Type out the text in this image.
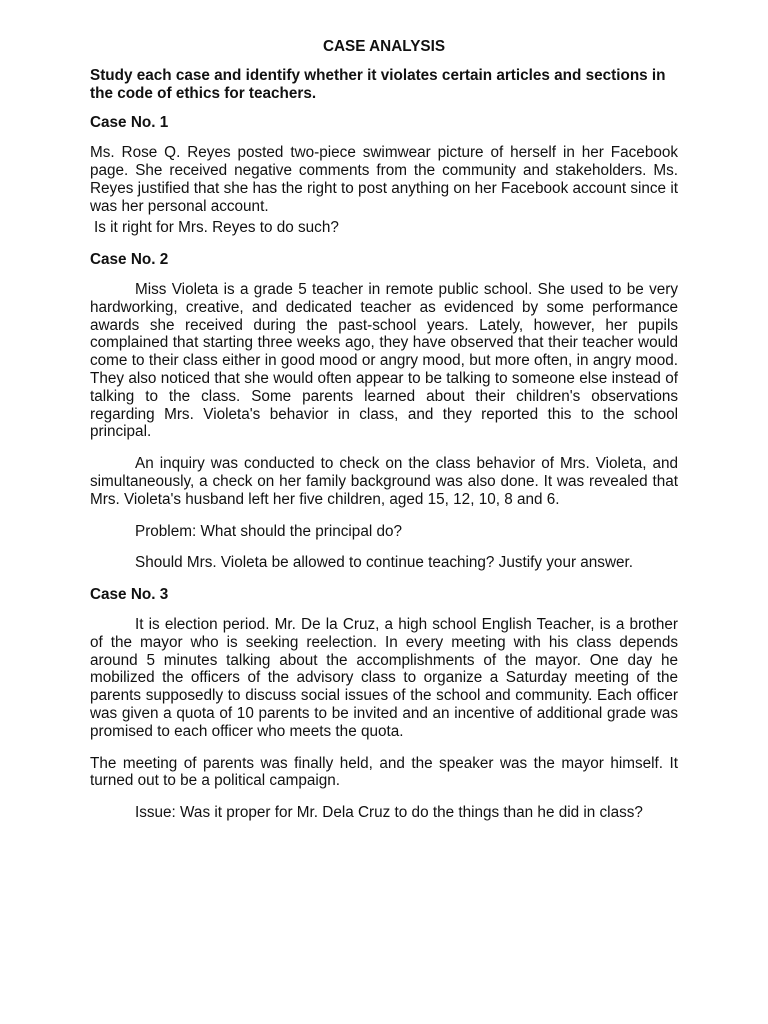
CASE ANALYSIS
Study each case and identify whether it violates certain articles and sections in the code of ethics for teachers.
Case No. 1

Ms. Rose Q. Reyes posted two-piece swimwear picture of herself in her Facebook page. She received negative comments from the community and stakeholders. Ms. Reyes justified that she has the right to post anything on her Facebook account since it was her personal account.

Is it right for Mrs. Reyes to do such?

Case No. 2

Miss Violeta is a grade 5 teacher in remote public school. She used to be very hardworking, creative, and dedicated teacher as evidenced by some performance awards she received during the past-school years. Lately, however, her pupils complained that starting three weeks ago, they have observed that their teacher would come to their class either in good mood or angry mood, but more often, in angry mood. They also noticed that she would often appear to be talking to someone else instead of talking to the class. Some parents learned about their children's observations regarding Mrs. Violeta's behavior in class, and they reported this to the school principal.

An inquiry was conducted to check on the class behavior of Mrs. Violeta, and simultaneously, a check on her family background was also done. It was revealed that Mrs. Violeta's husband left her five children, aged 15, 12, 10, 8 and 6.

Problem: What should the principal do?

Should Mrs. Violeta be allowed to continue teaching? Justify your answer.

Case No. 3

It is election period. Mr. De la Cruz, a high school English Teacher, is a brother of the mayor who is seeking reelection. In every meeting with his class depends around 5 minutes talking about the accomplishments of the mayor. One day he mobilized the officers of the advisory class to organize a Saturday meeting of the parents supposedly to discuss social issues of the school and community. Each officer was given a quota of 10 parents to be invited and an incentive of additional grade was promised to each officer who meets the quota.

The meeting of parents was finally held, and the speaker was the mayor himself. It turned out to be a political campaign.

Issue: Was it proper for Mr. Dela Cruz to do the things than he did in class?
